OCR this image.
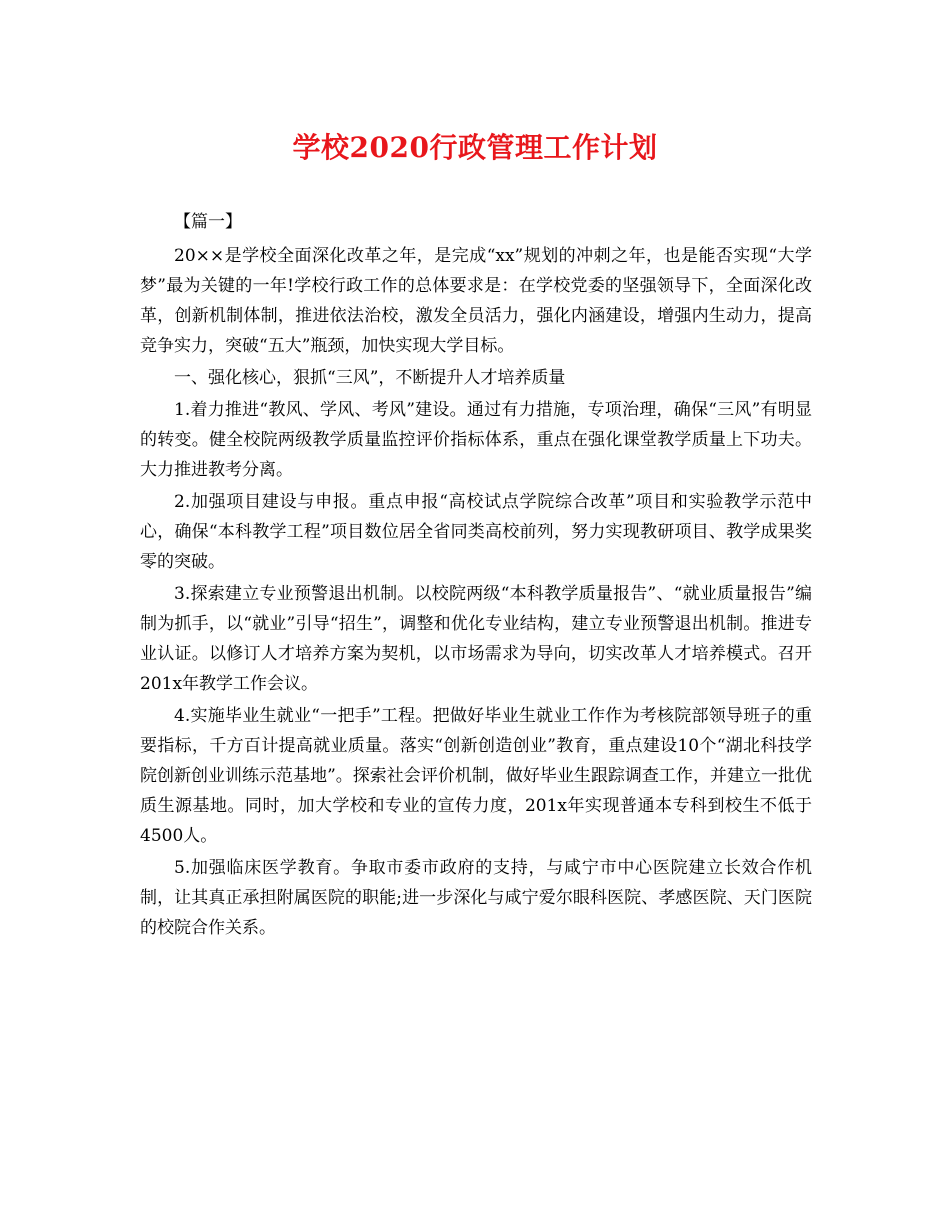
学校2020行政管理工作计划
【篇一】

20××是学校全面深化改革之年，是完成“xx”规划的冲刺之年，也是能否实现“大学梦”最为关键的一年!学校行政工作的总体要求是：在学校党委的坚强领导下，全面深化改革，创新机制体制，推进依法治校，激发全员活力，强化内涵建设，增强内生动力，提高竞争实力，突破“五大”瓶颈，加快实现大学目标。

一、强化核心，狠抓“三风”，不断提升人才培养质量

1.着力推进“教风、学风、考风”建设。通过有力措施，专项治理，确保“三风”有明显的转变。健全校院两级教学质量监控评价指标体系，重点在强化课堂教学质量上下功夫。大力推进教考分离。

2.加强项目建设与申报。重点申报“高校试点学院综合改革”项目和实验教学示范中心，确保“本科教学工程”项目数位居全省同类高校前列，努力实现教研项目、教学成果奖零的突破。

3.探索建立专业预警退出机制。以校院两级“本科教学质量报告”、“就业质量报告”编制为抓手，以“就业”引导“招生”，调整和优化专业结构，建立专业预警退出机制。推进专业认证。以修订人才培养方案为契机，以市场需求为导向，切实改革人才培养模式。召开201x年教学工作会议。

4.实施毕业生就业“一把手”工程。把做好毕业生就业工作作为考核院部领导班子的重要指标，千方百计提高就业质量。落实“创新创造创业”教育，重点建设10个“湖北科技学院创新创业训练示范基地”。探索社会评价机制，做好毕业生跟踪调查工作，并建立一批优质生源基地。同时，加大学校和专业的宣传力度，201x年实现普通本专科到校生不低于4500人。

5.加强临床医学教育。争取市委市政府的支持，与咸宁市中心医院建立长效合作机制，让其真正承担附属医院的职能;进一步深化与咸宁爱尔眼科医院、孝感医院、天门医院的校院合作关系。
